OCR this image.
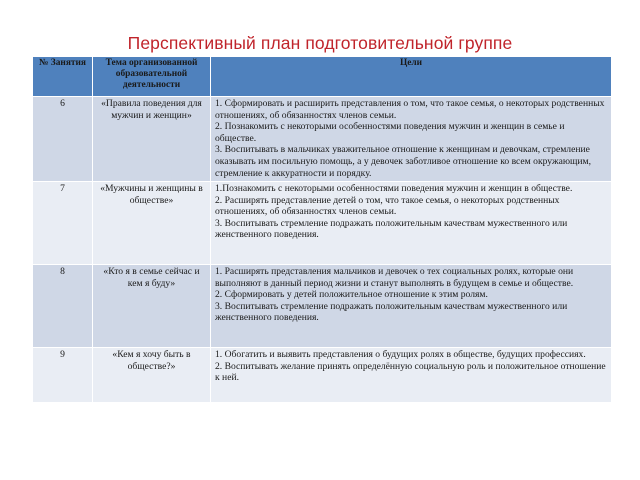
Перспективный план подготовительной группе
№ Занятия	Тема организованной образовательной деятельности	Цели
6	«Правила поведения для мужчин и женщин»	1. Сформировать и расширить представления о том, что такое семья, о некоторых родственных отношениях, об обязанностях членов семьи.
2. Познакомить с некоторыми особенностями поведения мужчин и женщин в семье и обществе.
3. Воспитывать в мальчиках уважительное отношение к женщинам и девочкам, стремление оказывать им посильную помощь, а у девочек заботливое отношение ко всем окружающим, стремление к аккуратности и порядку.

7	«Мужчины и женщины в обществе»	1.Познакомить с некоторыми особенностями поведения мужчин и женщин в обществе.
2. Расширять представление детей о том, что такое семья, о некоторых родственных отношениях, об обязанностях членов семьи.
3. Воспитывать стремление подражать положительным качествам мужественного или женственного поведения.

8	«Кто я в семье сейчас и кем я буду»	1. Расширять представления мальчиков и девочек о тех социальных ролях, которые они выполняют в данный период жизни и станут выполнять в будущем в семье и обществе.
2. Сформировать у детей положительное отношение к этим ролям.
3. Воспитывать стремление подражать положительным качествам мужественного или женственного поведения.

9	«Кем я хочу быть в обществе?»	1. Обогатить и выявить представления о будущих ролях в обществе, будущих профессиях.
2. Воспитывать желание принять определённую социальную роль и положительное отношение к ней.
